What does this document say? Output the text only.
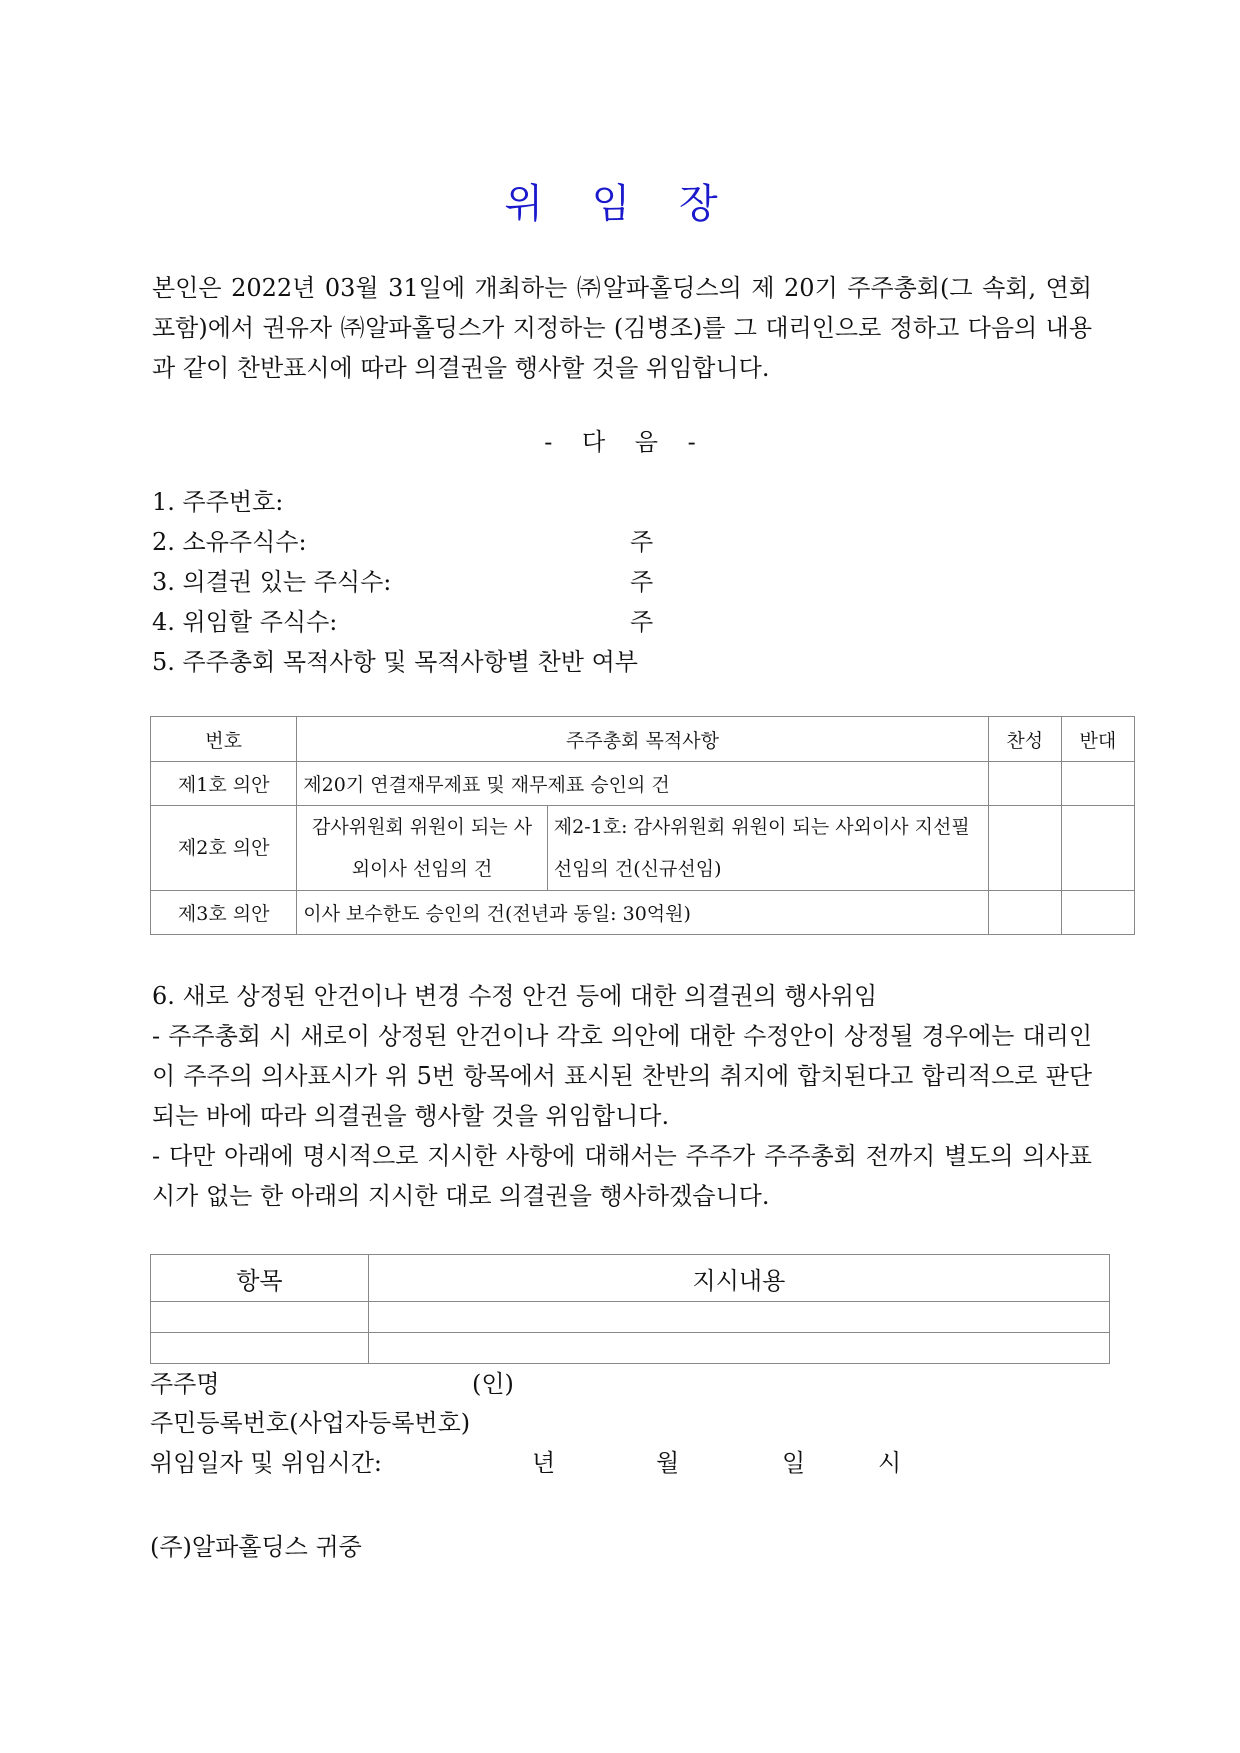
위 임 장

본인은 2022년 03월 31일에 개최하는 ㈜알파홀딩스의 제 20기 주주총회(그 속회, 연회 포함)에서 권유자 ㈜알파홀딩스가 지정하는 (김병조)를 그 대리인으로 정하고 다음의 내용과 같이 찬반표시에 따라 의결권을 행사할 것을 위임합니다.

- 다 음 -

1. 주주번호:
2. 소유주식수:	주
3. 의결권 있는 주식수:	주
4. 위임할 주식수:	주
5. 주주총회 목적사항 및 목적사항별 찬반 여부
번호	주주총회 목적사항		찬성	반대
제1호 의안	제20기 연결재무제표 및 재무제표 승인의 건			
제2호 의안	감사위원회 위원이 되는 사외이사 선임의 건	제2-1호: 감사위원회 위원이 되는 사외이사 지선필 선임의 건(신규선임)		
제3호 의안	이사 보수한도 승인의 건(전년과 동일: 30억원)			
6. 새로 상정된 안건이나 변경 수정 안건 등에 대한 의결권의 행사위임
- 주주총회 시 새로이 상정된 안건이나 각호 의안에 대한 수정안이 상정될 경우에는 대리인이 주주의 의사표시가 위 5번 항목에서 표시된 찬반의 취지에 합치된다고 합리적으로 판단되는 바에 따라 의결권을 행사할 것을 위임합니다.
- 다만 아래에 명시적으로 지시한 사항에 대해서는 주주가 주주총회 전까지 별도의 의사표시가 없는 한 아래의 지시한 대로 의결권을 행사하겠습니다.
항목	지시내용

주주명	(인)
주민등록번호(사업자등록번호)
위임일자 및 위임시간:	년	월	일	시
(주)알파홀딩스 귀중
